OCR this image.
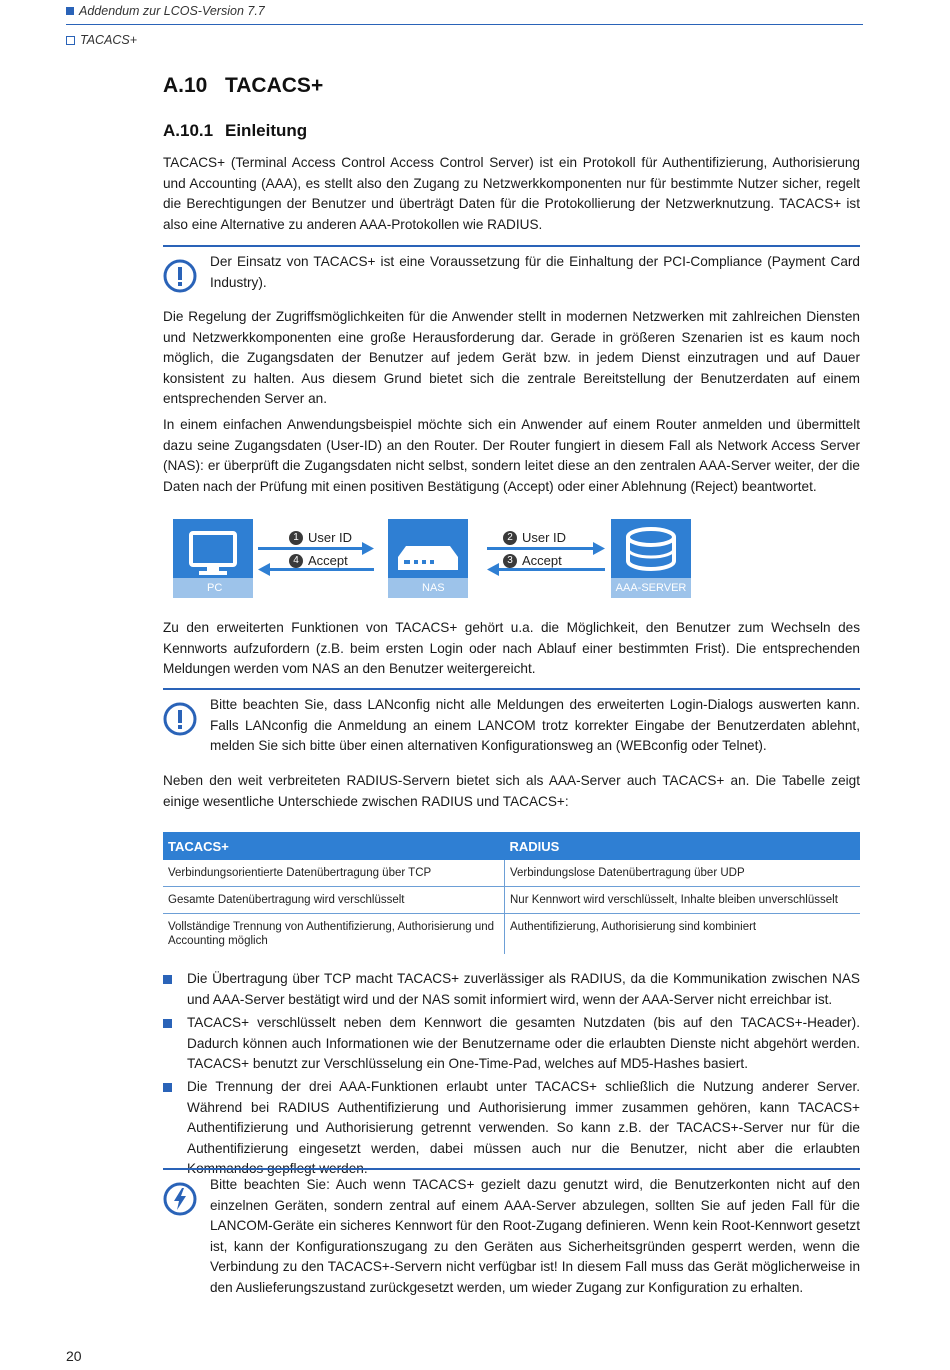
Addendum zur LCOS-Version 7.7
TACACS+
A.10 TACACS+
A.10.1 Einleitung

TACACS+ (Terminal Access Control Access Control Server) ist ein Protokoll für Authentifizierung, Authorisierung und Accounting (AAA), es stellt also den Zugang zu Netzwerkkomponenten nur für bestimmte Nutzer sicher, regelt die Berechtigungen der Benutzer und überträgt Daten für die Protokollierung der Netzwerknutzung. TACACS+ ist also eine Alternative zu anderen AAA-Protokollen wie RADIUS.

Der Einsatz von TACACS+ ist eine Voraussetzung für die Einhaltung der PCI-Compliance (Payment Card Industry).

Die Regelung der Zugriffsmöglichkeiten für die Anwender stellt in modernen Netzwerken mit zahlreichen Diensten und Netzwerkkomponenten eine große Herausforderung dar. Gerade in größeren Szenarien ist es kaum noch möglich, die Zugangsdaten der Benutzer auf jedem Gerät bzw. in jedem Dienst einzutragen und auf Dauer konsistent zu halten. Aus diesem Grund bietet sich die zentrale Bereitstellung der Benutzerdaten auf einem entsprechenden Server an.

In einem einfachen Anwendungsbeispiel möchte sich ein Anwender auf einem Router anmelden und übermittelt dazu seine Zugangsdaten (User-ID) an den Router. Der Router fungiert in diesem Fall als Network Access Server (NAS): er überprüft die Zugangsdaten nicht selbst, sondern leitet diese an den zentralen AAA-Server weiter, der die Daten nach der Prüfung mit einen positiven Bestätigung (Accept) oder einer Ablehnung (Reject) beantwortet.

PC	NAS	AAA-SERVER
1 User ID
4 Accept
2 User ID
3 Accept

Zu den erweiterten Funktionen von TACACS+ gehört u.a. die Möglichkeit, den Benutzer zum Wechseln des Kennworts aufzufordern (z.B. beim ersten Login oder nach Ablauf einer bestimmten Frist). Die entsprechenden Meldungen werden vom NAS an den Benutzer weitergereicht.

Bitte beachten Sie, dass LANconfig nicht alle Meldungen des erweiterten Login-Dialogs auswerten kann. Falls LANconfig die Anmeldung an einem LANCOM trotz korrekter Eingabe der Benutzerdaten ablehnt, melden Sie sich bitte über einen alternativen Konfigurationsweg an (WEBconfig oder Telnet).

Neben den weit verbreiteten RADIUS-Servern bietet sich als AAA-Server auch TACACS+ an. Die Tabelle zeigt einige wesentliche Unterschiede zwischen RADIUS und TACACS+:

TACACS+	RADIUS
Verbindungsorientierte Datenübertragung über TCP	Verbindungslose Datenübertragung über UDP
Gesamte Datenübertragung wird verschlüsselt	Nur Kennwort wird verschlüsselt, Inhalte bleiben unverschlüsselt
Vollständige Trennung von Authentifizierung, Authorisierung und Accounting möglich	Authentifizierung, Authorisierung sind kombiniert

Die Übertragung über TCP macht TACACS+ zuverlässiger als RADIUS, da die Kommunikation zwischen NAS und AAA-Server bestätigt wird und der NAS somit informiert wird, wenn der AAA-Server nicht erreichbar ist.

TACACS+ verschlüsselt neben dem Kennwort die gesamten Nutzdaten (bis auf den TACACS+-Header). Dadurch können auch Informationen wie der Benutzername oder die erlaubten Dienste nicht abgehört werden. TACACS+ benutzt zur Verschlüsselung ein One-Time-Pad, welches auf MD5-Hashes basiert.

Die Trennung der drei AAA-Funktionen erlaubt unter TACACS+ schließlich die Nutzung anderer Server. Während bei RADIUS Authentifizierung und Authorisierung immer zusammen gehören, kann TACACS+ Authentifizierung und Authorisierung getrennt verwenden. So kann z.B. der TACACS+-Server nur für die Authentifizierung eingesetzt werden, dabei müssen auch nur die Benutzer, nicht aber die erlaubten Kommandos gepflegt werden.

Bitte beachten Sie: Auch wenn TACACS+ gezielt dazu genutzt wird, die Benutzerkonten nicht auf den einzelnen Geräten, sondern zentral auf einem AAA-Server abzulegen, sollten Sie auf jeden Fall für die LANCOM-Geräte ein sicheres Kennwort für den Root-Zugang definieren. Wenn kein Root-Kennwort gesetzt ist, kann der Konfigurationszugang zu den Geräten aus Sicherheitsgründen gesperrt werden, wenn die Verbindung zu den TACACS+-Servern nicht verfügbar ist! In diesem Fall muss das Gerät möglicherweise in den Auslieferungszustand zurückgesetzt werden, um wieder Zugang zur Konfiguration zu erhalten.

20
